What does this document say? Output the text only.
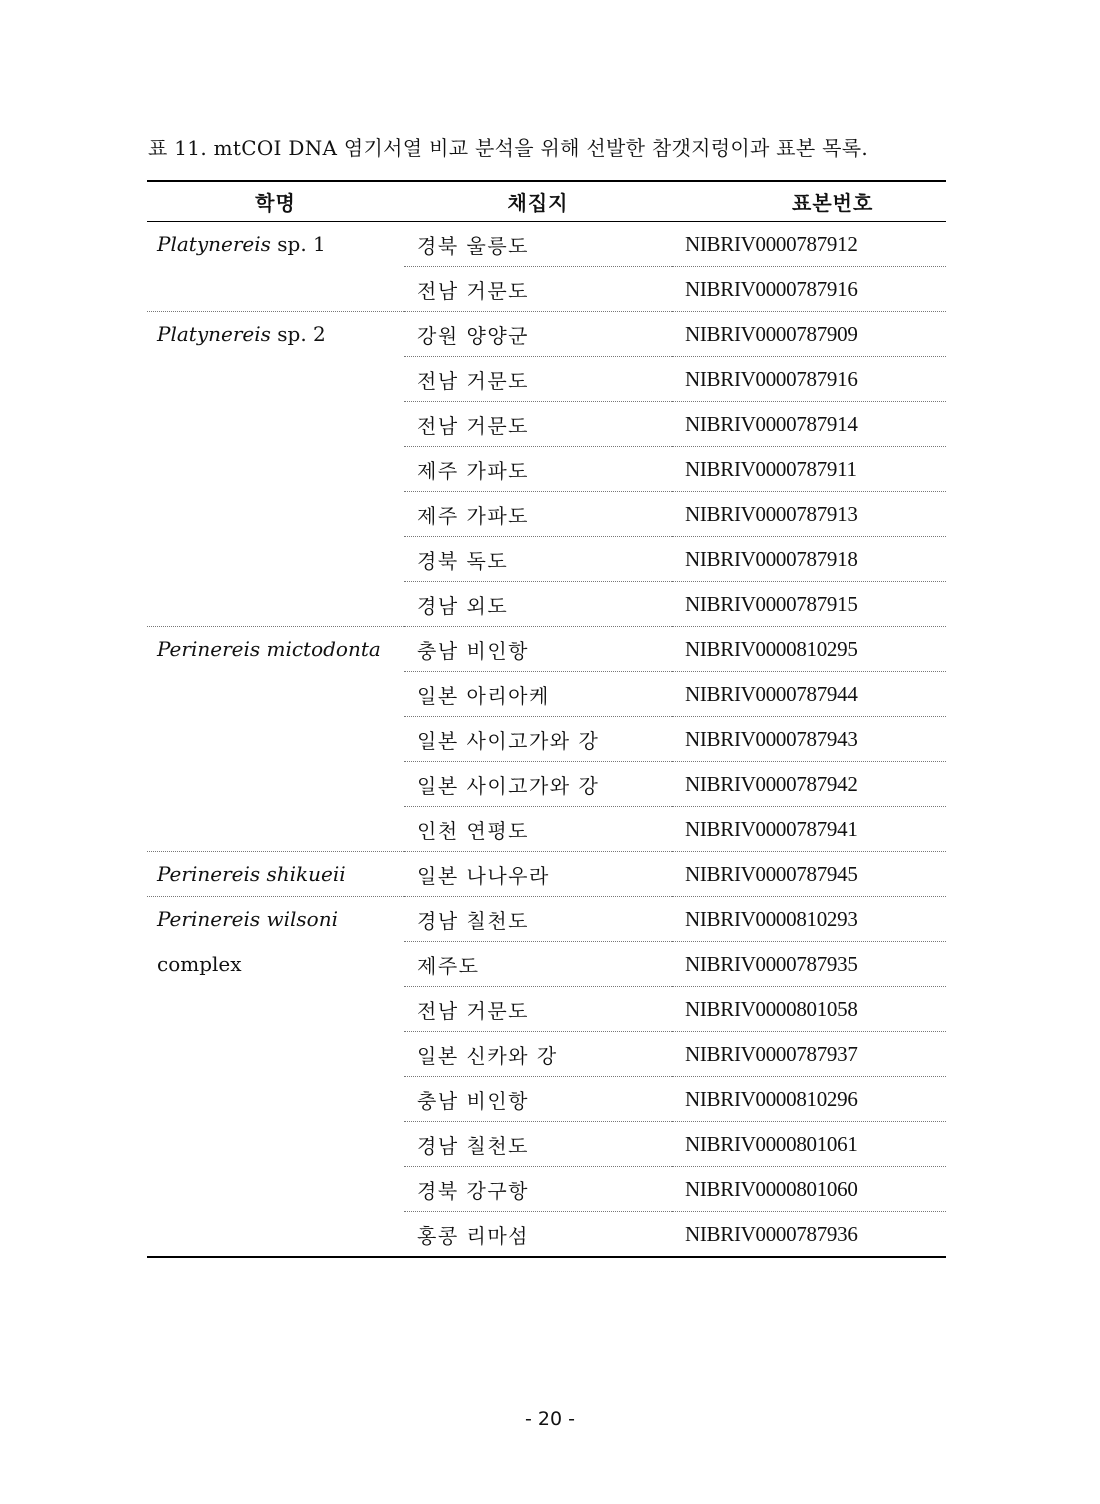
표 11. mtCOI DNA 염기서열 비교 분석을 위해 선발한 참갯지렁이과 표본 목록.
학명	채집지	표본번호
Platynereis sp. 1	경북 울릉도	NIBRIV0000787912
	전남 거문도	NIBRIV0000787916
Platynereis sp. 2	강원 양양군	NIBRIV0000787909
	전남 거문도	NIBRIV0000787916
	전남 거문도	NIBRIV0000787914
	제주 가파도	NIBRIV0000787911
	제주 가파도	NIBRIV0000787913
	경북 독도	NIBRIV0000787918
	경남 외도	NIBRIV0000787915
Perinereis mictodonta	충남 비인항	NIBRIV0000810295
	일본 아리아케	NIBRIV0000787944
	일본 사이고가와 강	NIBRIV0000787943
	일본 사이고가와 강	NIBRIV0000787942
	인천 연평도	NIBRIV0000787941
Perinereis shikueii	일본 나나우라	NIBRIV0000787945
Perinereis wilsoni	경남 칠천도	NIBRIV0000810293
complex	제주도	NIBRIV0000787935
	전남 거문도	NIBRIV0000801058
	일본 신카와 강	NIBRIV0000787937
	충남 비인항	NIBRIV0000810296
	경남 칠천도	NIBRIV0000801061
	경북 강구항	NIBRIV0000801060
	홍콩 리마섬	NIBRIV0000787936
- 20 -
